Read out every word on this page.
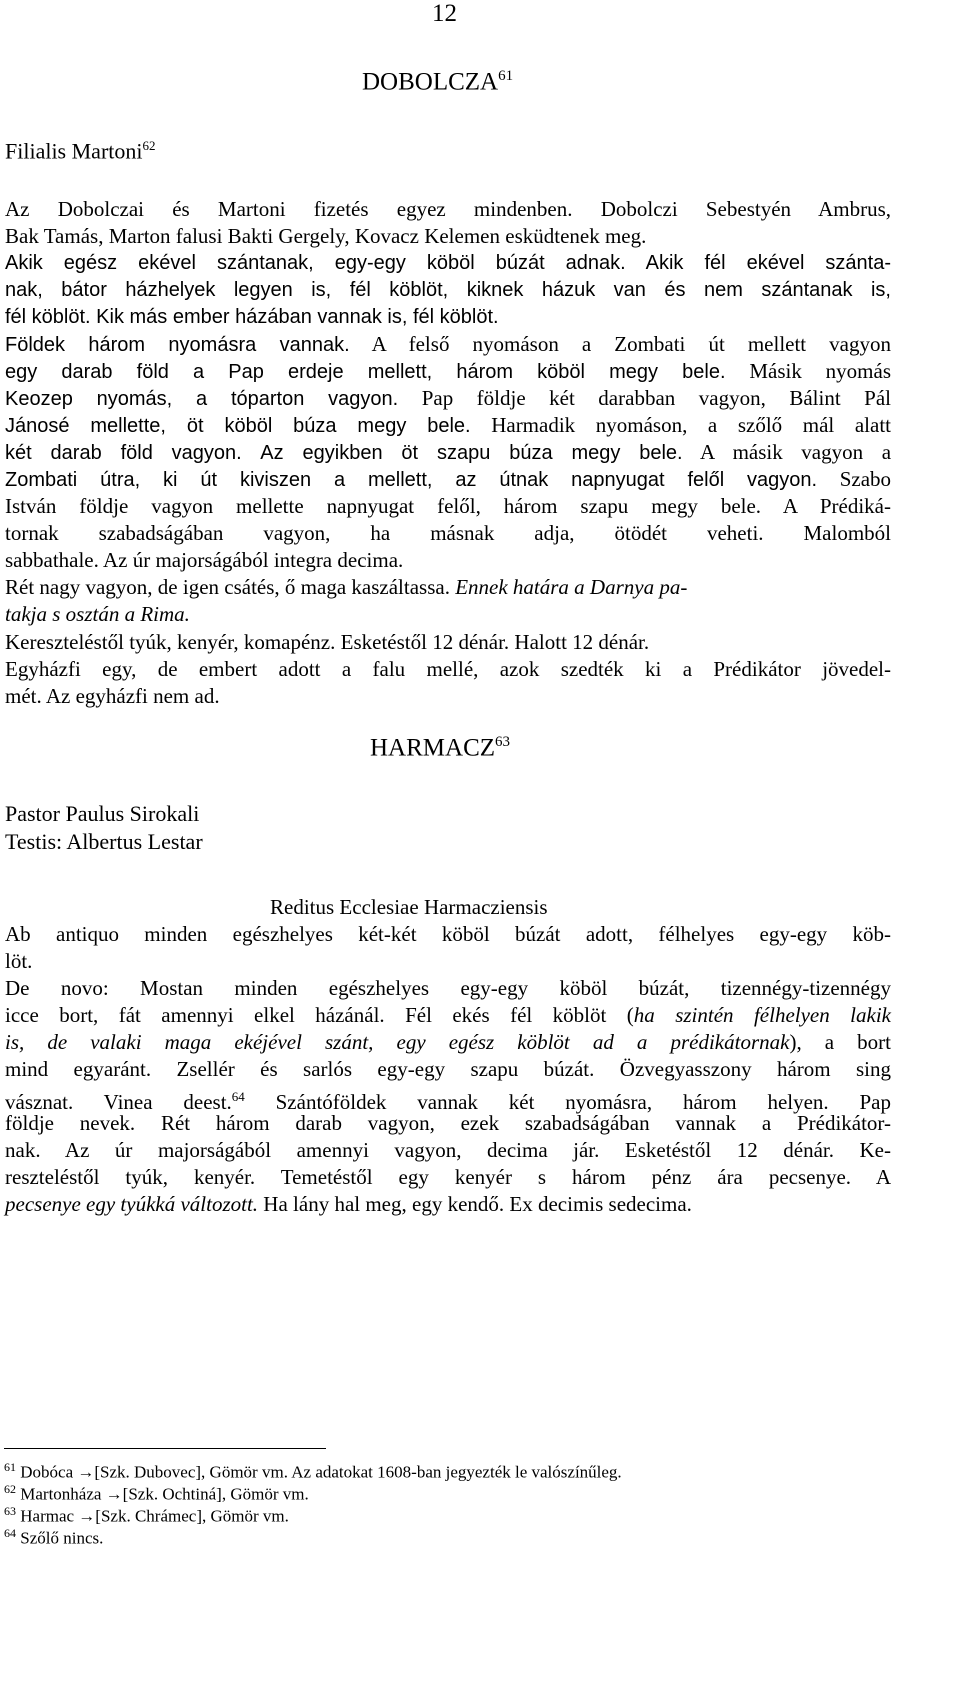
12
DOBOLCZA$^{61}$
Filialis Martoni$^{62}$
Az Dobolczai és Martoni fizetés egyez mindenben. Dobolczi Sebestyén Ambrus,
Bak Tamás, Marton falusi Bakti Gergely, Kovacz Kelemen esküdtenek meg.
Akik egész ekével szántanak, egy-egy köböl búzát adnak. Akik fél ekével szánta-
nak, bátor házhelyek legyen is, fél köblöt, kiknek házuk van és nem szántanak is,
fél köblöt. Kik más ember házában vannak is, fél köblöt.
Földek három nyomásra vannak. A felső nyomáson a Zombati út mellett vagyon
egy darab föld a Pap erdeje mellett, három köböl megy bele. Másik nyomás
Keozep nyomás, a tóparton vagyon. Pap földje két darabban vagyon, Bálint Pál
Jánosé mellette, öt köböl búza megy bele. Harmadik nyomáson, a szőlő mál alatt
két darab föld vagyon. Az egyikben öt szapu búza megy bele. A másik vagyon a
Zombati útra, ki út kiviszen a mellett, az útnak napnyugat felől vagyon. Szabo
István földje vagyon mellette napnyugat felől, három szapu megy bele. A Prédiká-
tornak szabadságában vagyon, ha másnak adja, ötödét veheti. Malomból
sabbathale. Az úr majorságából integra decima.
Rét nagy vagyon, de igen csátés, ő maga kaszáltassa. Ennek határa a Darnya pa-
takja s osztán a Rima.
Kereszteléstől tyúk, kenyér, komapénz. Esketéstől 12 dénár. Halott 12 dénár.
Egyházfi egy, de embert adott a falu mellé, azok szedték ki a Prédikátor jövedel-
mét. Az egyházfi nem ad.
HARMACZ$^{63}$
Pastor Paulus Sirokali
Testis: Albertus Lestar
Reditus Ecclesiae Harmacziensis
Ab antiquo minden egészhelyes két-két köböl búzát adott, félhelyes egy-egy köb-
löt.
De novo: Mostan minden egészhelyes egy-egy köböl búzát, tizennégy-tizennégy
icce bort, fát amennyi elkel házánál. Fél ekés fél köblöt (ha szintén félhelyen lakik
is, de valaki maga ekéjével szánt, egy egész köblöt ad a prédikátornak), a bort
mind egyaránt. Zsellér és sarlós egy-egy szapu búzát. Özvegyasszony három sing
vásznat. Vinea deest.$^{64}$ Szántóföldek vannak két nyomásra, három helyen. Pap
földje nevek. Rét három darab vagyon, ezek szabadságában vannak a Prédikátor-
nak. Az úr majorságából amennyi vagyon, decima jár. Esketéstől 12 dénár. Ke-
reszteléstől tyúk, kenyér. Temetéstől egy kenyér s három pénz ára pecsenye. A
pecsenye egy tyúkká változott. Ha lány hal meg, egy kendő. Ex decimis sedecima.
$^{61}$ Dobóca →[Szk. Dubovec], Gömör vm. Az adatokat 1608-ban jegyezték le valószínűleg.
$^{62}$ Martonháza →[Szk. Ochtiná], Gömör vm.
$^{63}$ Harmac →[Szk. Chrámec], Gömör vm.
$^{64}$ Szőlő nincs.
